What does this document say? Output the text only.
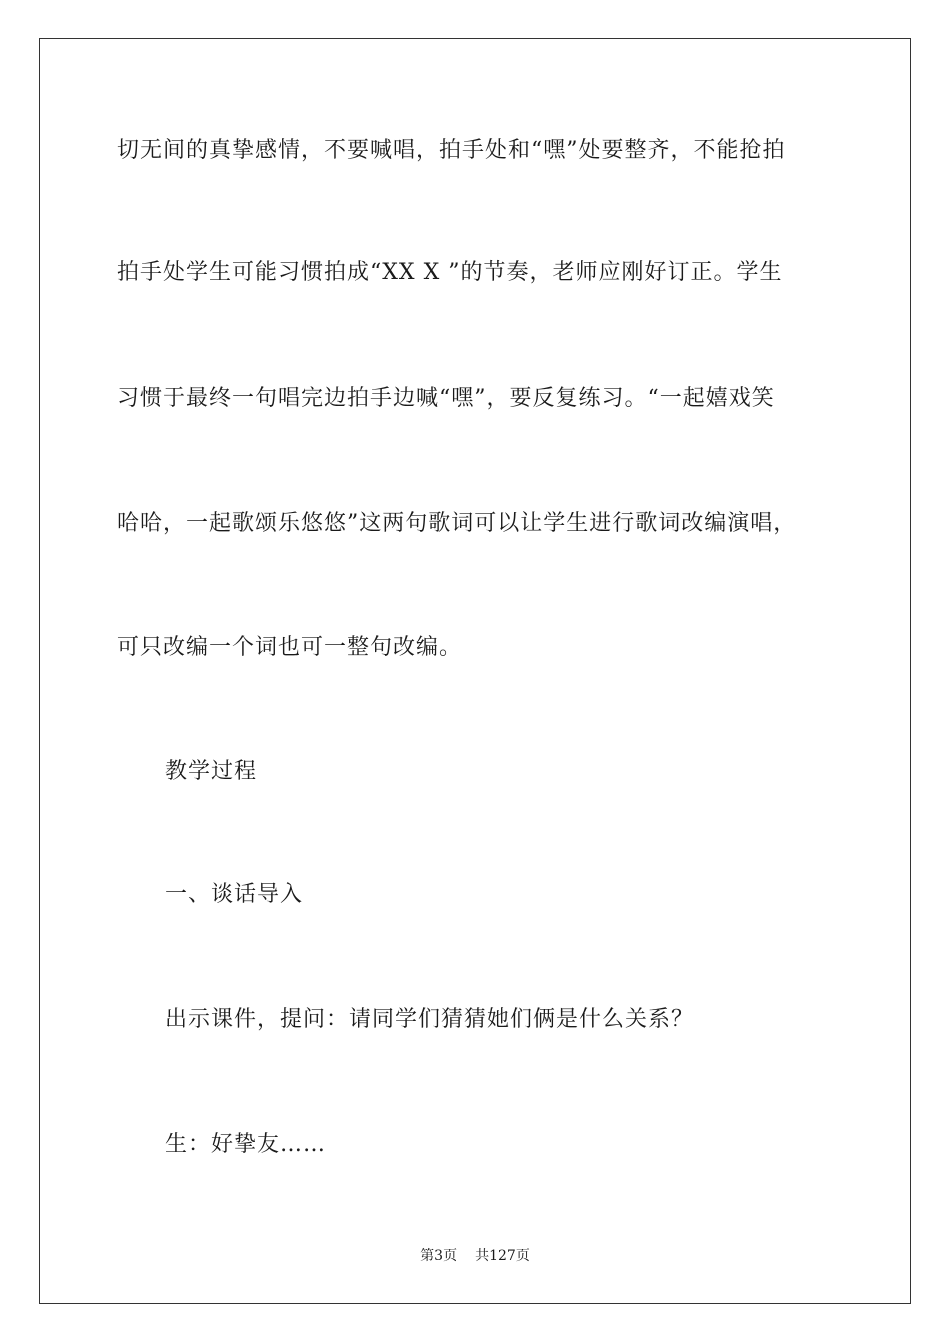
切无间的真挚感情，不要喊唱，拍手处和“嘿”处要整齐，不能抢拍
拍手处学生可能习惯拍成“XX X ”的节奏，老师应刚好订正。学生
习惯于最终一句唱完边拍手边喊“嘿”，要反复练习。“一起嬉戏笑
哈哈，一起歌颂乐悠悠”这两句歌词可以让学生进行歌词改编演唱，
可只改编一个词也可一整句改编。
教学过程
一、谈话导入
出示课件，提问：请同学们猜猜她们俩是什么关系？
生：好挚友……
第3页 共127页
